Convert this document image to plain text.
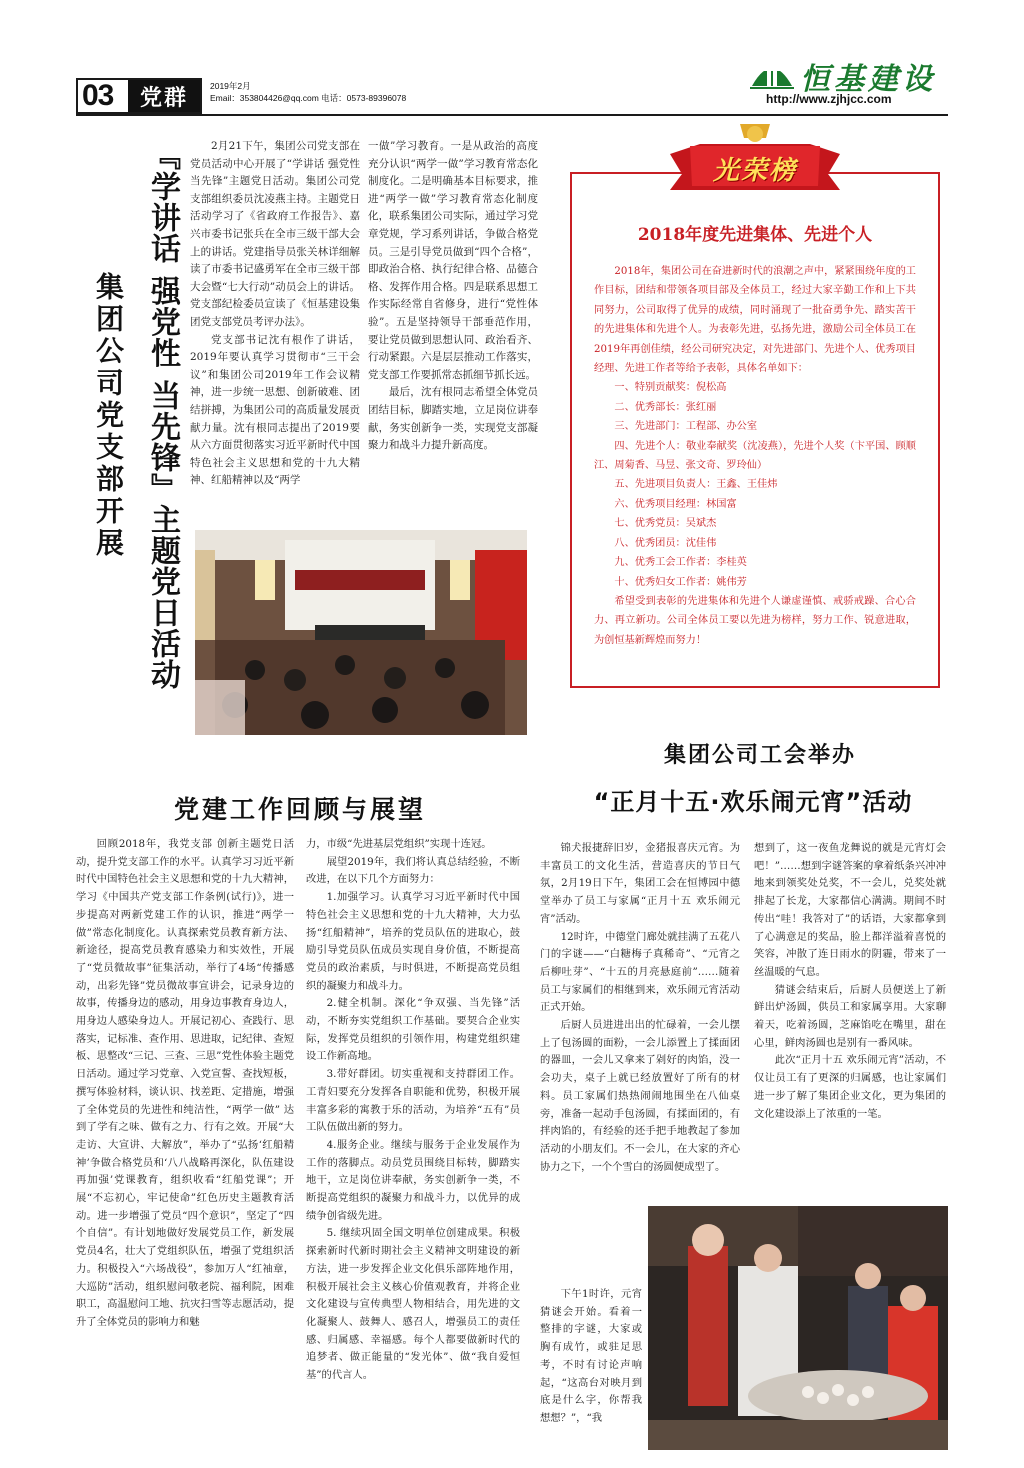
03	党群	2019年2月
Email：353804426@qq.com 电话：0573-89396078
恒基建设
http://www.zjhjcc.com
『学讲话 强党性 当先锋』主题党日活动
集团公司党支部开展

2月21下午，集团公司党支部在党员活动中心开展了“学讲话 强党性 当先锋”主题党日活动。集团公司党支部组织委员沈凌燕主持。主题党日活动学习了《省政府工作报告》、嘉兴市委书记张兵在全市三级干部大会上的讲话。党建指导员张关林详细解读了市委书记盛勇军在全市三级干部大会暨“七大行动”动员会上的讲话。党支部纪检委员宣读了《恒基建设集团党支部党员考评办法》。

党支部书记沈有根作了讲话，2019年要认真学习贯彻市“三干会议”和集团公司2019年工作会议精神，进一步统一思想、创新破难、团结拼搏，为集团公司的高质量发展贡献力量。沈有根同志提出了2019要从六方面贯彻落实习近平新时代中国特色社会主义思想和党的十九大精神、红船精神以及“两学

一做”学习教育。一是从政治的高度充分认识“两学一做”学习教育常态化制度化。二是明确基本目标要求，推进“两学一做”学习教育常态化制度化，联系集团公司实际，通过学习党章党规，学习系列讲话，争做合格党员。三是引导党员做到“四个合格”，即政治合格、执行纪律合格、品德合格、发挥作用合格。四是联系思想工作实际经常自省修身，进行“党性体验”。五是坚持领导干部垂范作用，要让党员做到思想认同、政治看齐、行动紧跟。六是层层推动工作落实，党支部工作要抓常态抓细节抓长远。

最后，沈有根同志希望全体党员团结目标，脚踏实地，立足岗位讲奉献，务实创新争一类，实现党支部凝聚力和战斗力提升新高度。

光荣榜
2018年度先进集体、先进个人

2018年，集团公司在奋进新时代的浪潮之声中，紧紧围绕年度的工作目标，团结和带领各项目部及全体员工，经过大家辛勤工作和上下共同努力，公司取得了优异的成绩，同时涌现了一批奋勇争先、踏实苦干的先进集体和先进个人。为表彰先进，弘扬先进，激励公司全体员工在2019年再创佳绩，经公司研究决定，对先进部门、先进个人、优秀项目经理、先进工作者等给予表彰，具体名单如下：

一、特别贡献奖：倪松高
二、优秀部长：张红丽
三、先进部门：工程部、办公室
四、先进个人：敬业奉献奖（沈凌燕），先进个人奖（卞平国、顾顺江、周菊香、马昱、张文奇、罗玲仙）
五、先进项目负责人：王鑫、王佳炜
六、优秀项目经理：林国富
七、优秀党员：吴斌杰
八、优秀团员：沈佳伟
九、优秀工会工作者：李桂英
十、优秀妇女工作者：姚伟芳

希望受到表彰的先进集体和先进个人谦虚谨慎、戒骄戒躁、合心合力、再立新功。公司全体员工要以先进为榜样，努力工作、锐意进取，为创恒基新辉煌而努力！

集团公司工会举办
“正月十五·欢乐闹元宵”活动
党建工作回顾与展望

回顾2018年，我党支部 创新主题党日活动，提升党支部工作的水平。认真学习习近平新时代中国特色社会主义思想和党的十九大精神，学习《中国共产党支部工作条例(试行)》，进一步提高对两新党建工作的认识，推进“两学一做”常态化制度化。认真探索党员教育新方法、新途径，提高党员教育感染力和实效性，开展了“党员微故事”征集活动，举行了4场“传播感动，出彩先锋”党员微故事宣讲会，记录身边的故事，传播身边的感动，用身边事教育身边人，用身边人感染身边人。开展记初心、查践行、思落实，记标准、查作用、思进取，记纪律、查短板、思整改“三记、三查、三思”党性体验主题党日活动。通过学习党章、入党宣誓、查找短板，撰写体验材料，谈认识、找差距、定措施，增强了全体党员的先进性和纯洁性，“两学一做” 达到了学有之味、做有之力、行有之效。开展“大走访、大宣讲、大解放”，举办了“弘扬‘红船精神’争做合格党员和‘八八战略再深化，队伍建设再加强’党课教育，组织收看“红船党课”；开展“不忘初心，牢记使命”红色历史主题教育活动。进一步增强了党员“四个意识”，坚定了“四个自信”。有计划地做好发展党员工作，新发展党员4名，壮大了党组织队伍，增强了党组织活力。积极投入“六场战役”，参加万人“红袖章，大巡防”活动，组织慰问敬老院、福利院，困难职工，高温慰问工地、抗灾扫雪等志愿活动，提升了全体党员的影响力和魅

力，市级“先进基层党组织”实现十连冠。

展望2019年，我们将认真总结经验，不断改进，在以下几个方面努力：

1.加强学习。认真学习习近平新时代中国特色社会主义思想和党的十九大精神，大力弘扬“红船精神”，培养的党员队伍的进取心，鼓励引导党员队伍成员实现自身价值，不断提高党员的政治素质，与时俱进，不断提高党员组织的凝聚力和战斗力。

2.健全机制。深化“争双强、当先锋”活动，不断夯实党组织工作基础。要契合企业实际，发挥党员组织的引领作用，构建党组织建设工作新高地。

3.带好群团。切实重视和支持群团工作。工青妇要充分发挥各自职能和优势，积极开展丰富多彩的寓教于乐的活动，为培养“五有”员工队伍做出新的努力。

4.服务企业。继续与服务于企业发展作为工作的落脚点。动员党员围绕目标转，脚踏实地干，立足岗位讲奉献，务实创新争一类，不断提高党组织的凝聚力和战斗力，以优异的成绩争创省级先进。

5. 继续巩固全国文明单位创建成果。积极探索新时代新时期社会主义精神文明建设的新方法，进一步发挥企业文化俱乐部阵地作用，积极开展社会主义核心价值观教育，并将企业文化建设与宣传典型人物相结合，用先进的文化凝聚人、鼓舞人、感召人，增强员工的责任感、归属感、幸福感。每个人都要做新时代的追梦者、做正能量的“发光体”、做“我自爱恒基”的代言人。

锦犬报捷辞旧岁，金猪报喜庆元宵。为丰富员工的文化生活，营造喜庆的节日气氛，2月19日下午，集团工会在恒博园中德堂举办了员工与家属“正月十五 欢乐闹元宵”活动。

12时许，中德堂门廊处就挂满了五花八门的字谜——“白糖梅子真稀奇”、“元宵之后柳吐芽”、“十五的月亮悬庭前”……随着员工与家属们的相继到来，欢乐闹元宵活动正式开始。

后厨人员进进出出的忙碌着，一会儿摆上了包汤圆的面粉，一会儿添置上了揉面团的器皿，一会儿又拿来了剁好的肉馅，没一会功夫，桌子上就已经放置好了所有的材料。员工家属们热热闹闹地围坐在八仙桌旁，准备一起动手包汤圆，有揉面团的，有拌肉馅的，有经验的还手把手地教起了参加活动的小朋友们。不一会儿，在大家的齐心协力之下，一个个雪白的汤圆便成型了。

下午1时许，元宵猜谜会开始。看着一整排的字谜，大家或胸有成竹，或驻足思考，不时有讨论声响起，“这高台对映月到底是什么字，你帮我想想？”，“我

想到了，这一夜鱼龙舞说的就是元宵灯会吧！”……想到字谜答案的拿着纸条兴冲冲地来到领奖处兑奖，不一会儿，兑奖处就排起了长龙，大家都信心满满。期间不时传出“哇！我答对了”的话语，大家都拿到了心满意足的奖品，脸上都洋溢着喜悦的笑容，冲散了连日雨水的阴霾，带来了一丝温暖的气息。

猜谜会结束后，后厨人员便送上了新鲜出炉汤圆，供员工和家属享用。大家聊着天，吃着汤圆，芝麻馅吃在嘴里，甜在心里，鲜肉汤圆也是别有一番风味。

此次“正月十五 欢乐闹元宵”活动，不仅让员工有了更深的归属感，也让家属们进一步了解了集团企业文化，更为集团的文化建设添上了浓重的一笔。
